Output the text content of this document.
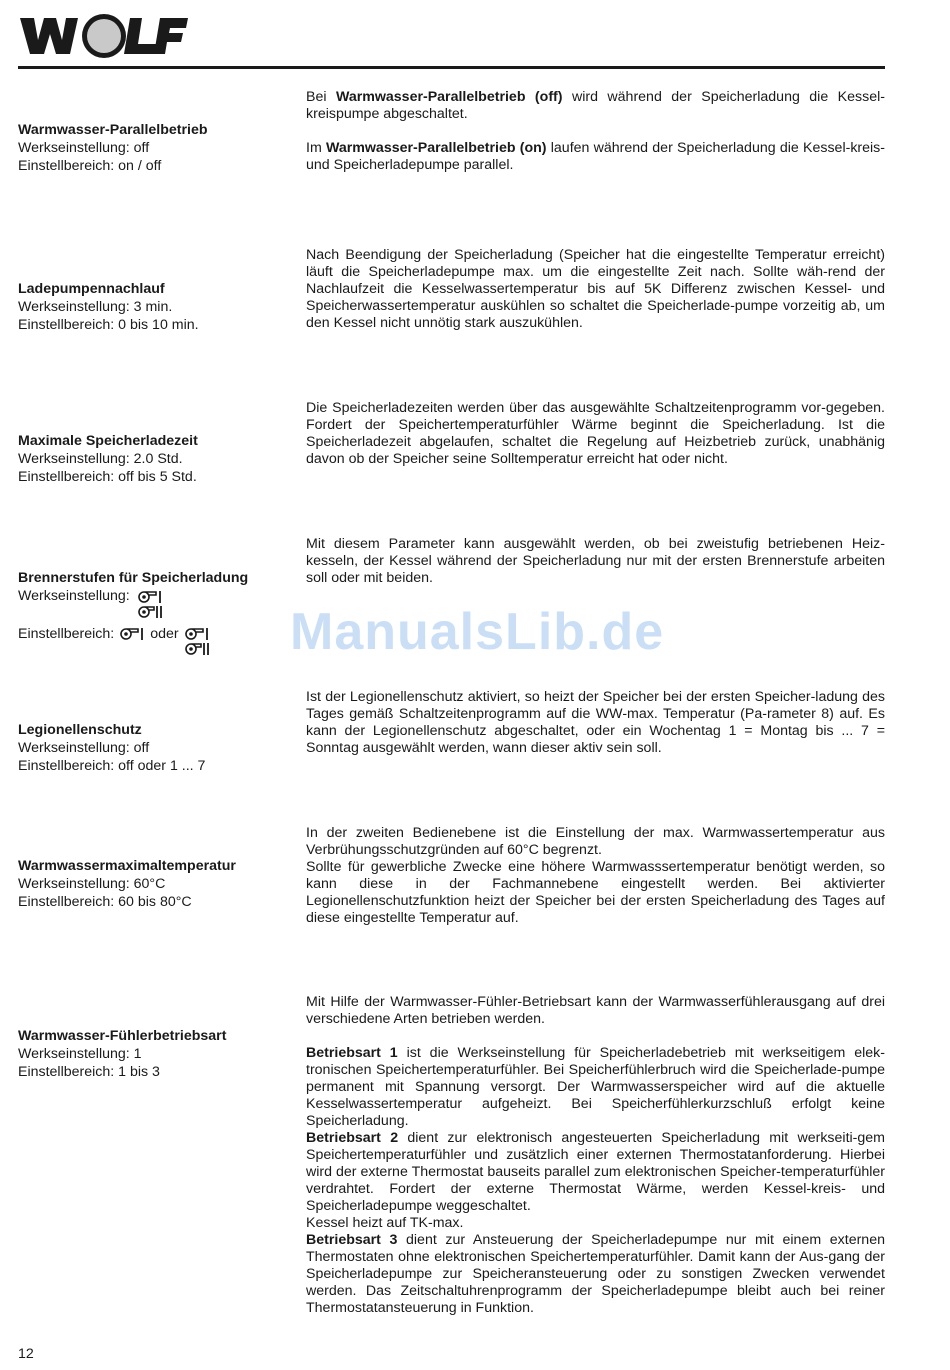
Warmwasser-Parallelbetrieb
Werkseinstellung: off
Einstellbereich: on / off

Bei Warmwasser-Parallelbetrieb (off) wird während der Speicherladung die Kessel-kreispumpe abgeschaltet.

Im Warmwasser-Parallelbetrieb (on) laufen während der Speicherladung die Kessel-kreis- und Speicherladepumpe parallel.

Ladepumpennachlauf
Werkseinstellung: 3 min.
Einstellbereich: 0 bis 10 min.

Nach Beendigung der Speicherladung (Speicher hat die eingestellte Temperatur erreicht) läuft die Speicherladepumpe max. um die eingestellte Zeit nach. Sollte wäh-rend der Nachlaufzeit die Kesselwassertemperatur bis auf 5K Differenz zwischen Kessel- und Speicherwassertemperatur auskühlen so schaltet die Speicherlade-pumpe vorzeitig ab, um den Kessel nicht unnötig stark auszukühlen.

Maximale Speicherladezeit
Werkseinstellung: 2.0 Std.
Einstellbereich: off bis 5 Std.

Die Speicherladezeiten werden über das ausgewählte Schaltzeitenprogramm vor-gegeben. Fordert der Speichertemperaturfühler Wärme beginnt die Speicherladung. Ist die Speicherladezeit abgelaufen, schaltet die Regelung auf Heizbetrieb zurück, unabhänig davon ob der Speicher seine Solltemperatur erreicht hat oder nicht.

Brennerstufen für Speicherladung
Werkseinstellung:
Einstellbereich:	oder

Mit diesem Parameter kann ausgewählt werden, ob bei zweistufig betriebenen Heiz-kesseln, der Kessel während der Speicherladung nur mit der ersten Brennerstufe arbeiten soll oder mit beiden.

ManualsLib.de
Legionellenschutz
Werkseinstellung: off
Einstellbereich: off oder 1 ... 7

Ist der Legionellenschutz aktiviert, so heizt der Speicher bei der ersten Speicher-ladung des Tages gemäß Schaltzeitenprogramm auf die WW-max. Temperatur (Pa-rameter 8) auf. Es kann der Legionellenschutz abgeschaltet, oder ein Wochentag 1 = Montag bis ... 7 = Sonntag ausgewählt werden, wann dieser aktiv sein soll.

Warmwassermaximaltemperatur
Werkseinstellung: 60°C
Einstellbereich: 60 bis 80°C

In der zweiten Bedienebene ist die Einstellung der max. Warmwassertemperatur aus Verbrühungsschutzgründen auf 60°C begrenzt.

Sollte für gewerbliche Zwecke eine höhere Warmwasssertemperatur benötigt werden, so kann diese in der Fachmannebene eingestellt werden. Bei aktivierter Legionellenschutzfunktion heizt der Speicher bei der ersten Speicherladung des Tages auf diese eingestellte Temperatur auf.

Warmwasser-Fühlerbetriebsart
Werkseinstellung: 1
Einstellbereich: 1 bis 3

Mit Hilfe der Warmwasser-Fühler-Betriebsart kann der Warmwasserfühlerausgang auf drei verschiedene Arten betrieben werden.

Betriebsart 1 ist die Werkseinstellung für Speicherladebetrieb mit werkseitigem elek-tronischen Speichertemperaturfühler. Bei Speicherfühlerbruch wird die Speicherlade-pumpe permanent mit Spannung versorgt. Der Warmwasserspeicher wird auf die aktuelle Kesselwassertemperatur aufgeheizt. Bei Speicherfühlerkurzschluß erfolgt keine Speicherladung.

Betriebsart 2 dient zur elektronisch angesteuerten Speicherladung mit werkseiti-gem Speichertemperaturfühler und zusätzlich einer externen Thermostatanforderung. Hierbei wird der externe Thermostat bauseits parallel zum elektronischen Speicher-temperaturfühler verdrahtet. Fordert der externe Thermostat Wärme, werden Kessel-kreis- und Speicherladepumpe weggeschaltet.

Kessel heizt auf TK-max.

Betriebsart 3 dient zur Ansteuerung der Speicherladepumpe nur mit einem externen Thermostaten ohne elektronischen Speichertemperaturfühler. Damit kann der Aus-gang der Speicherladepumpe zur Speicheransteuerung oder zu sonstigen Zwecken verwendet werden. Das Zeitschaltuhrenprogramm der Speicherladepumpe bleibt auch bei reiner Thermostatansteuerung in Funktion.

12
